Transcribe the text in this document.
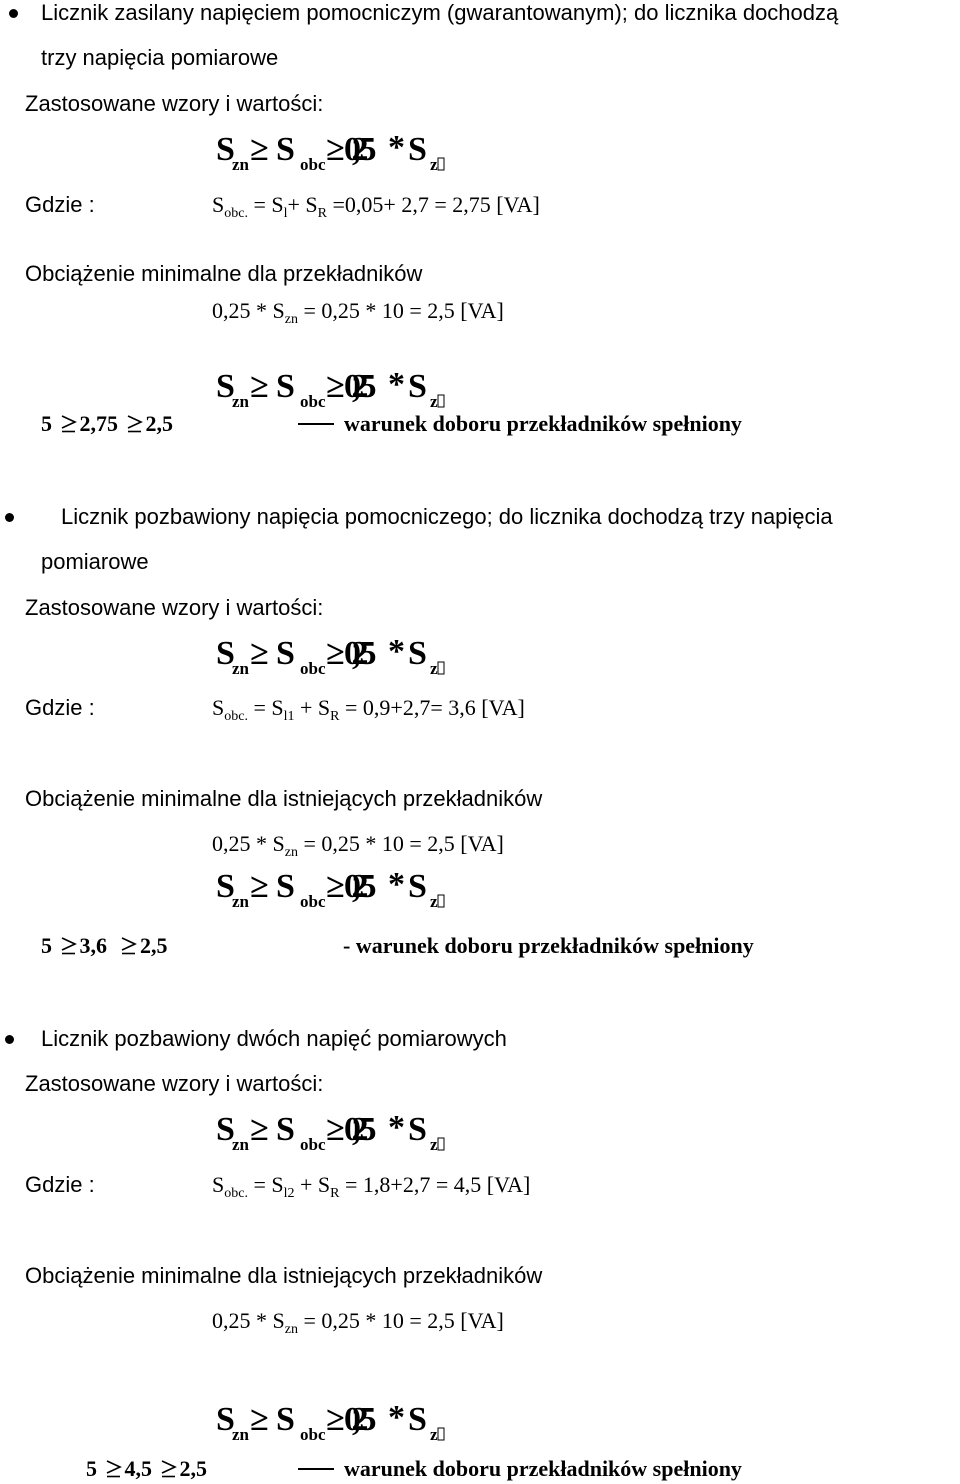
Licznik zasilany napięciem pomocniczym (gwarantowanym); do licznika dochodzą
trzy napięcia pomiarowe
Zastosowane wzory i wartości:
S
zn ≥ S obc ≥ 0,25 * S z
Gdzie :	$S_{obc.} = S_l+ S_R =0,05+ 2,7 = 2,75$ [VA]
Obciążenie minimalne dla przekładników
$0,25 * S_{zn} = 0,25 * 10 = 2,5$ [VA]
S
zn ≥ S obc ≥ 0,25 * S z
5 2,75 2,5	warunek doboru przekładników spełniony
Licznik pozbawiony napięcia pomocniczego; do licznika dochodzą trzy napięcia
pomiarowe
Zastosowane wzory i wartości:
S
zn ≥ S obc ≥ 0,25 * S z
Gdzie :	$S_{obc.} = S_{l1} + S_R = 0,9+2,7= 3,6$ [VA]
Obciążenie minimalne dla istniejących przekładników
$0,25 * S_{zn} = 0,25 * 10 = 2,5$ [VA]
S
zn ≥ S obc ≥ 0,25 * S z
5 3,6 2,5	- warunek doboru przekładników spełniony
Licznik pozbawiony dwóch napięć pomiarowych
Zastosowane wzory i wartości:
S
zn ≥ S obc ≥ 0,25 * S z
Gdzie :	$S_{obc.} = S_{l2} + S_R = 1,8+2,7 = 4,5$ [VA]
Obciążenie minimalne dla istniejących przekładników
$0,25 * S_{zn} = 0,25 * 10 = 2,5$ [VA]
S
zn ≥ S obc ≥ 0,25 * S z
5 4,5 2,5	warunek doboru przekładników spełniony
